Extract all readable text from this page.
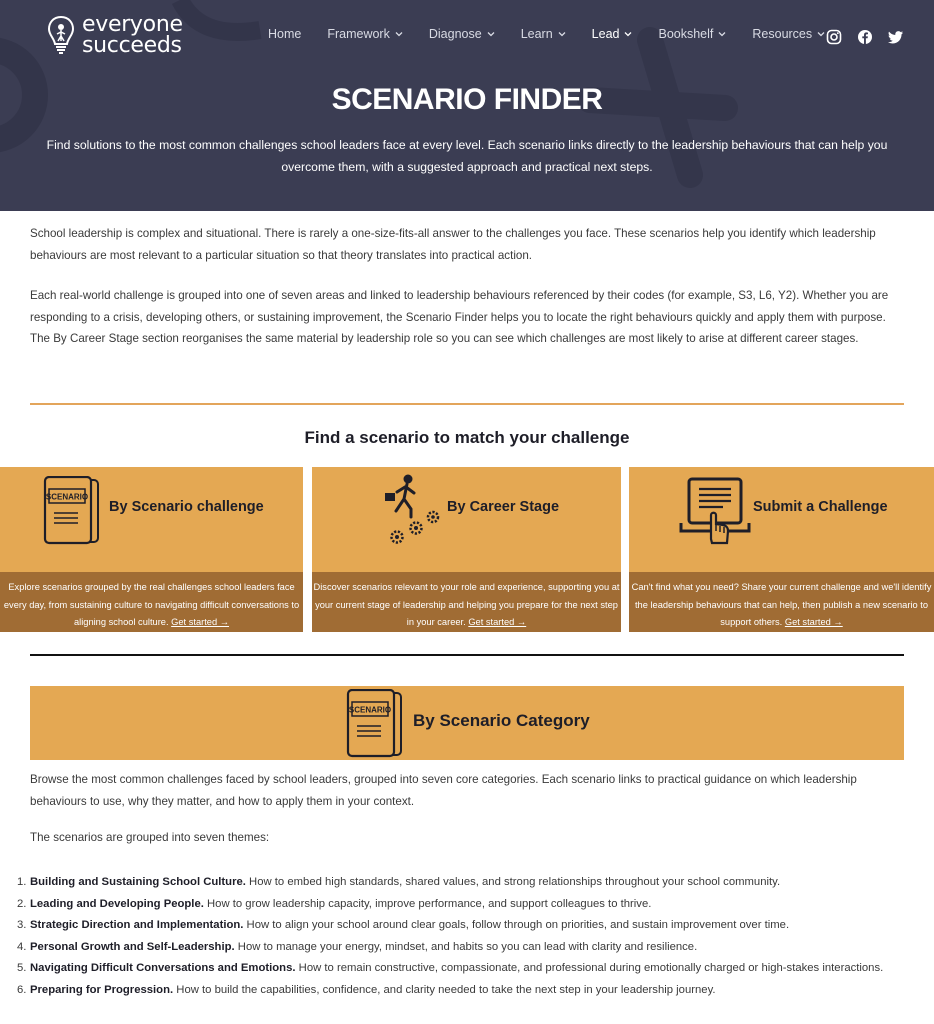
everyone
succeeds	Home Framework	Diagnose	Learn	Lead	Bookshelf	Resources
SCENARIO FINDER

Find solutions to the most common challenges school leaders face at every level. Each scenario links directly to the leadership behaviours that can help you overcome them, with a suggested approach and practical next steps.

School leadership is complex and situational. There is rarely a one-size-fits-all answer to the challenges you face. These scenarios help you identify which leadership behaviours are most relevant to a particular situation so that theory translates into practical action.

Each real-world challenge is grouped into one of seven areas and linked to leadership behaviours referenced by their codes (for example, S3, L6, Y2). Whether you are responding to a crisis, developing others, or sustaining improvement, the Scenario Finder helps you to locate the right behaviours quickly and apply them with purpose. The By Career Stage section reorganises the same material by leadership role so you can see which challenges are most likely to arise at different career stages.

Find a scenario to match your challenge
SCENARIO
By Scenario challenge
Explore scenarios grouped by the real challenges school leaders face every day, from sustaining culture to navigating difficult conversations to aligning school culture. Get started →
By Career Stage
Discover scenarios relevant to your role and experience, supporting you at your current stage of leadership and helping you prepare for the next step in your career. Get started →
Submit a Challenge
Can't find what you need? Share your current challenge and we'll identify the leadership behaviours that can help, then publish a new scenario to support others. Get started →
SCENARIO
By Scenario Category

Browse the most common challenges faced by school leaders, grouped into seven core categories. Each scenario links to practical guidance on which leadership behaviours to use, why they matter, and how to apply them in your context.

The scenarios are grouped into seven themes:

1. Building and Sustaining School Culture. How to embed high standards, shared values, and strong relationships throughout your school community.
2. Leading and Developing People. How to grow leadership capacity, improve performance, and support colleagues to thrive.
3. Strategic Direction and Implementation. How to align your school around clear goals, follow through on priorities, and sustain improvement over time.
4. Personal Growth and Self-Leadership. How to manage your energy, mindset, and habits so you can lead with clarity and resilience.
5. Navigating Difficult Conversations and Emotions. How to remain constructive, compassionate, and professional during emotionally charged or high-stakes interactions.
6. Preparing for Progression. How to build the capabilities, confidence, and clarity needed to take the next step in your leadership journey.
